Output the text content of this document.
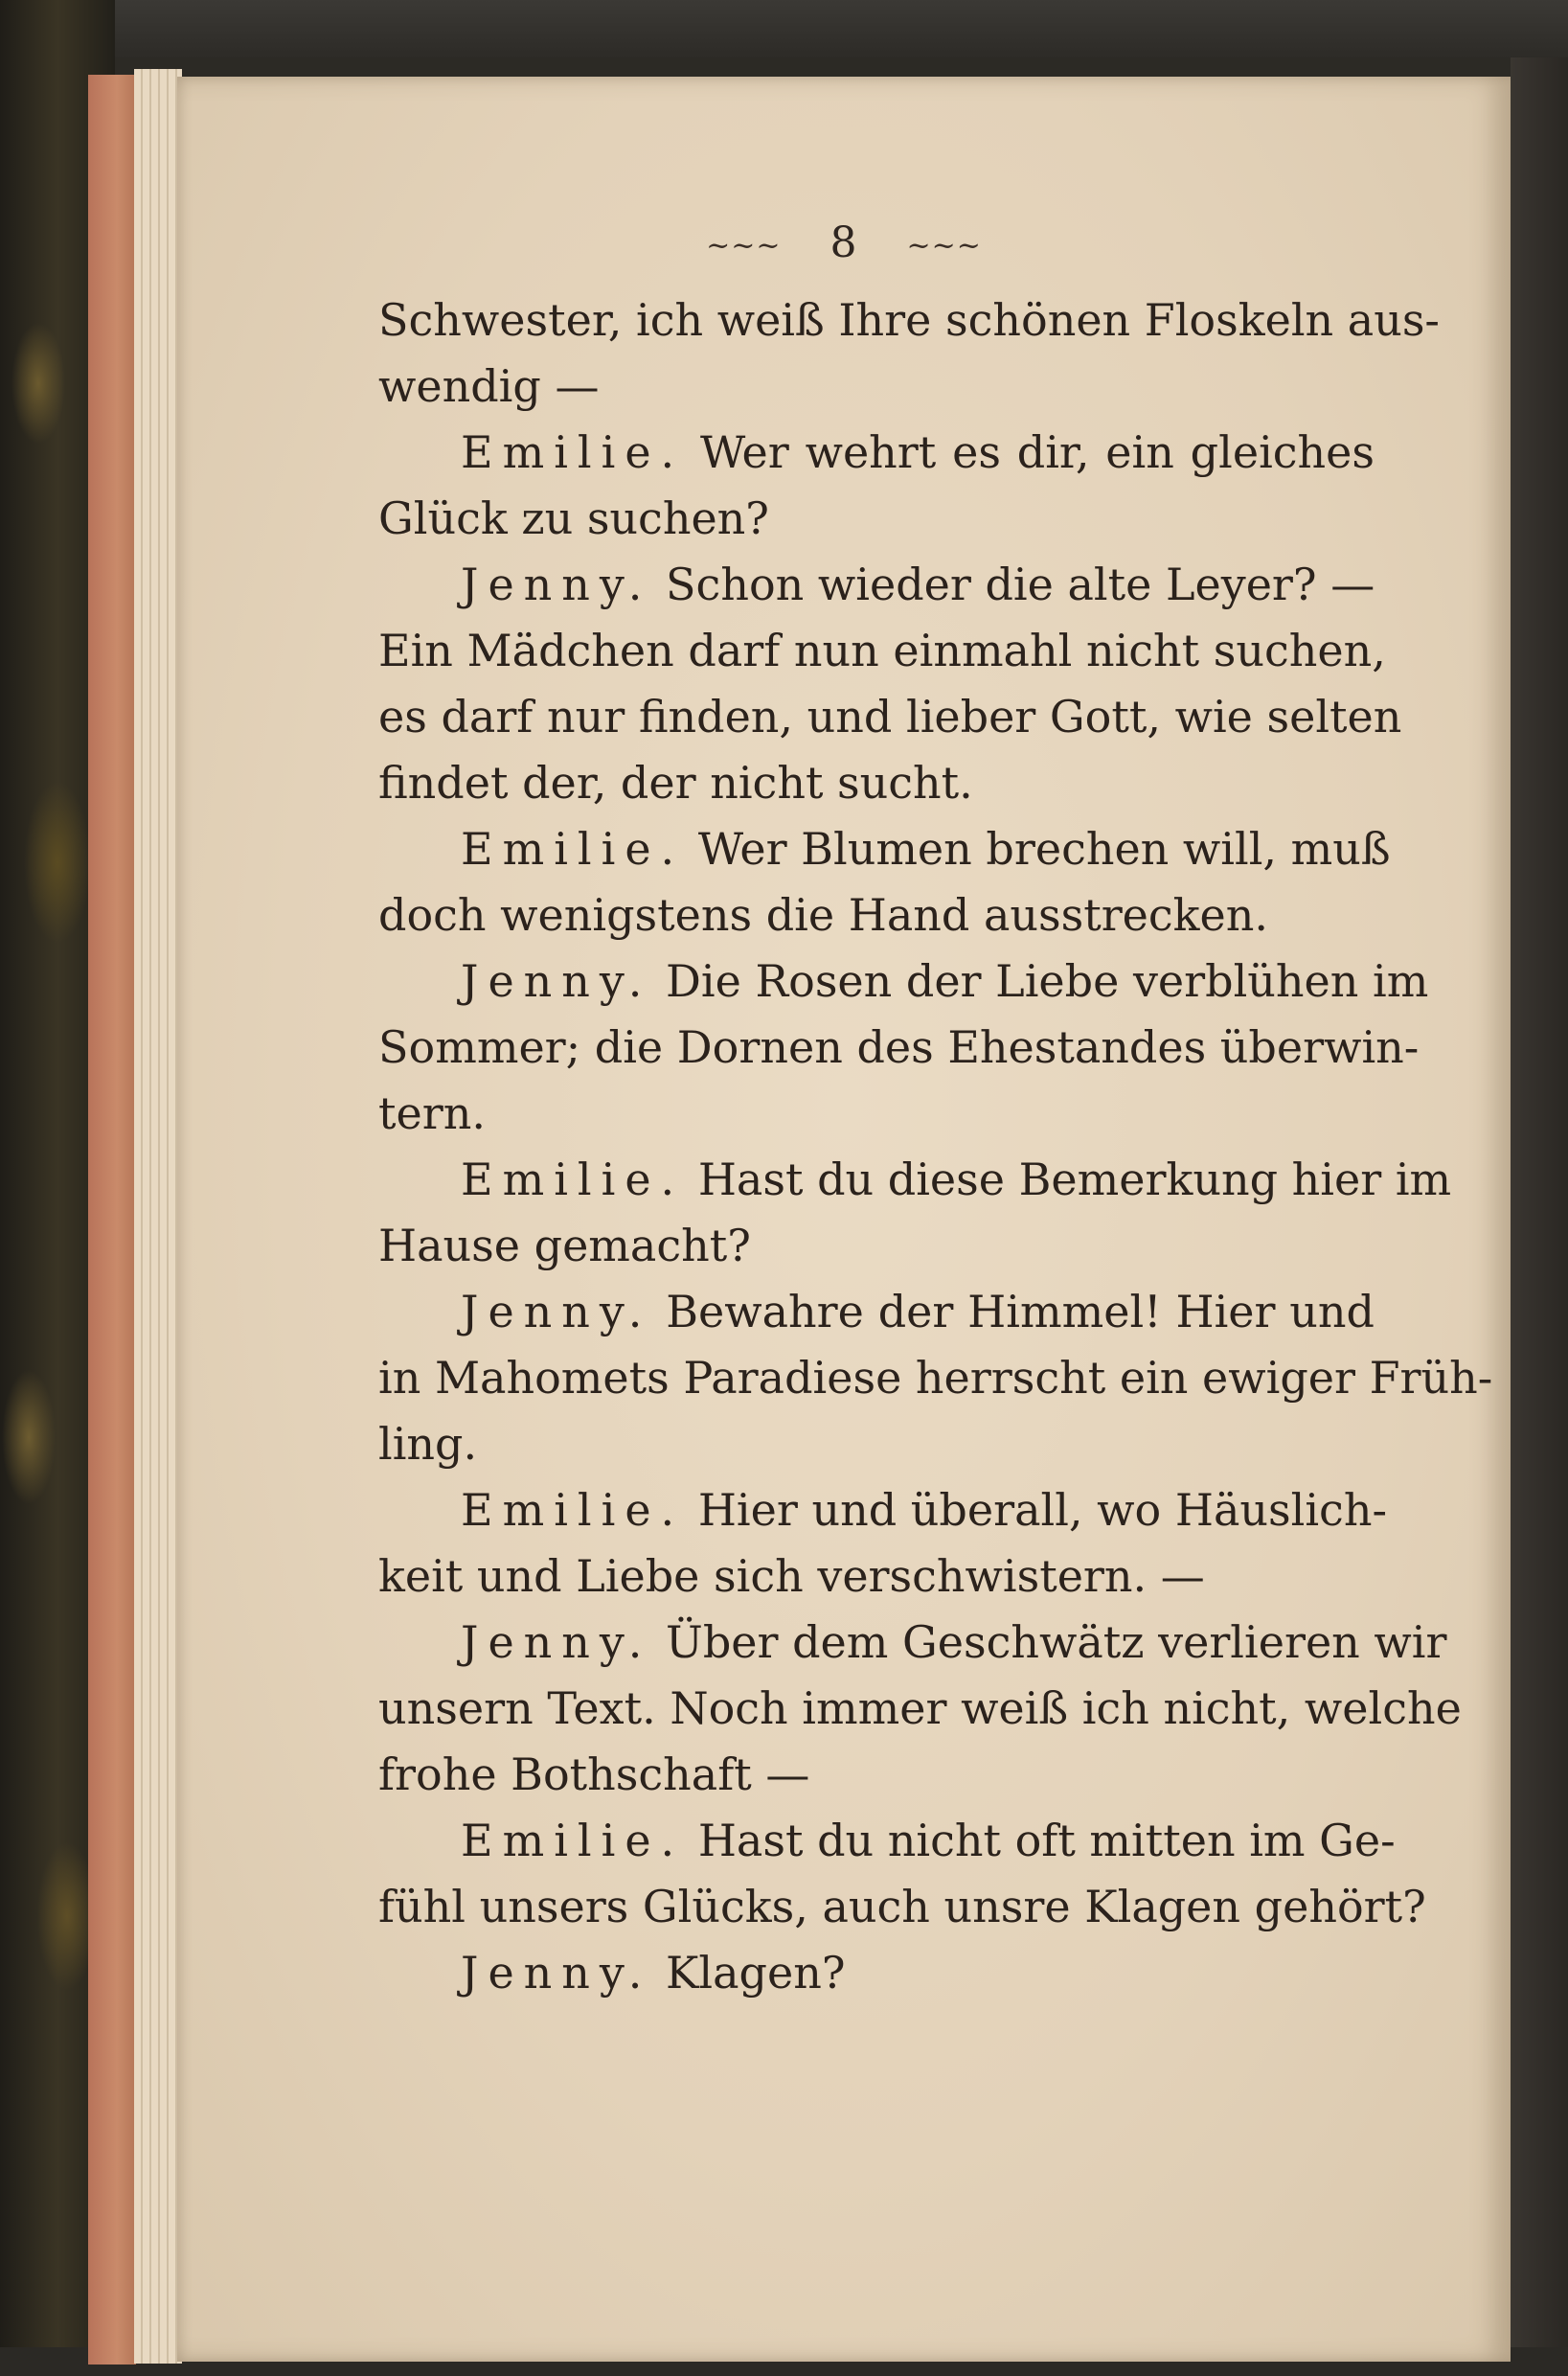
~~~ 8 ~~~
Schwester, ich weiß Ihre schönen Floskeln aus-
wendig —
Emilie. Wer wehrt es dir, ein gleiches
Glück zu suchen?
Jenny. Schon wieder die alte Leyer? —
Ein Mädchen darf nun einmahl nicht suchen,
es darf nur finden, und lieber Gott, wie selten
findet der, der nicht sucht.
Emilie. Wer Blumen brechen will, muß
doch wenigstens die Hand ausstrecken.
Jenny. Die Rosen der Liebe verblühen im
Sommer; die Dornen des Ehestandes überwin-
tern.
Emilie. Hast du diese Bemerkung hier im
Hause gemacht?
Jenny. Bewahre der Himmel! Hier und
in Mahomets Paradiese herrscht ein ewiger Früh-
ling.
Emilie. Hier und überall, wo Häuslich-
keit und Liebe sich verschwistern. —
Jenny. Über dem Geschwätz verlieren wir
unsern Text. Noch immer weiß ich nicht, welche
frohe Bothschaft —
Emilie. Hast du nicht oft mitten im Ge-
fühl unsers Glücks, auch unsre Klagen gehört?
Jenny. Klagen?
